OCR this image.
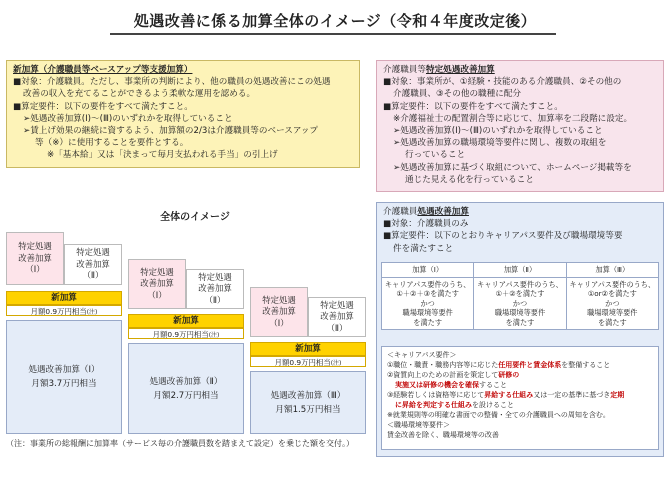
処遇改善に係る加算全体のイメージ（令和４年度改定後）
新加算（介護職員等ベースアップ等支援加算）
■対象：介護職員。ただし、事業所の判断により、他の職員の処遇改善にこの処遇
改善の収入を充てることができるよう柔軟な運用を認める。
■算定要件：以下の要件をすべて満たすこと。
➢処遇改善加算(Ⅰ)～(Ⅲ)のいずれかを取得していること
➢賃上げ効果の継続に資するよう、加算額の2/3は介護職員等のベースアップ
等（※）に使用することを要件とする。
※「基本給」又は「決まって毎月支払われる手当」の引上げ
介護職員等特定処遇改善加算
■対象：事業所が、①経験・技能のある介護職員、②その他の
介護職員、③その他の職種に配分
■算定要件：以下の要件をすべて満たすこと。
※介護福祉士の配置割合等に応じて、加算率を二段階に設定。
➢処遇改善加算(Ⅰ)～(Ⅲ)のいずれかを取得していること
➢処遇改善加算の職場環境等要件に関し、複数の取組を
行っていること
➢処遇改善加算に基づく取組について、ホームページ掲載等を
通じた見える化を行っていること
介護職員処遇改善加算
■対象：介護職員のみ
■算定要件：以下のとおりキャリアパス要件及び職場環境等要
件を満たすこと
加算（Ⅰ）	加算（Ⅱ）	加算（Ⅲ）
キャリアパス要件のうち、
①＋②＋③を満たす
かつ
職場環境等要件
を満たす	キャリアパス要件のうち、
①＋②を満たす
かつ
職場環境等要件
を満たす	キャリアパス要件のうち、
①or②を満たす
かつ
職場環境等要件
を満たす
＜キャリアパス要件＞
①職位・職責・職務内容等に応じた任用要件と賃金体系を整備すること
②資質向上のための計画を策定して研修の
実施又は研修の機会を確保すること
③経験若しくは資格等に応じて昇給する仕組み又は一定の基準に基づき定期
に昇給を判定する仕組みを設けること
※就業規則等の明確な書面での整備・全ての介護職員への周知を含む。
＜職場環境等要件＞
賃金改善を除く、職場環境等の改善
全体のイメージ
特定処遇
改善加算
（Ⅰ）
特定処遇
改善加算
（Ⅱ）
新加算
月額0.9万円相当(注)
処遇改善加算（Ⅰ）
月額3.7万円相当
特定処遇
改善加算
（Ⅰ）
特定処遇
改善加算
（Ⅱ）
新加算
月額0.9万円相当(注)
処遇改善加算（Ⅱ）
月額2.7万円相当
特定処遇
改善加算
（Ⅰ）
特定処遇
改善加算
（Ⅱ）
新加算
月額0.9万円相当(注)
処遇改善加算（Ⅲ）
月額1.5万円相当
（注：事業所の総報酬に加算率（サービス毎の介護職員数を踏まえて設定）を乗じた額を交付。）
